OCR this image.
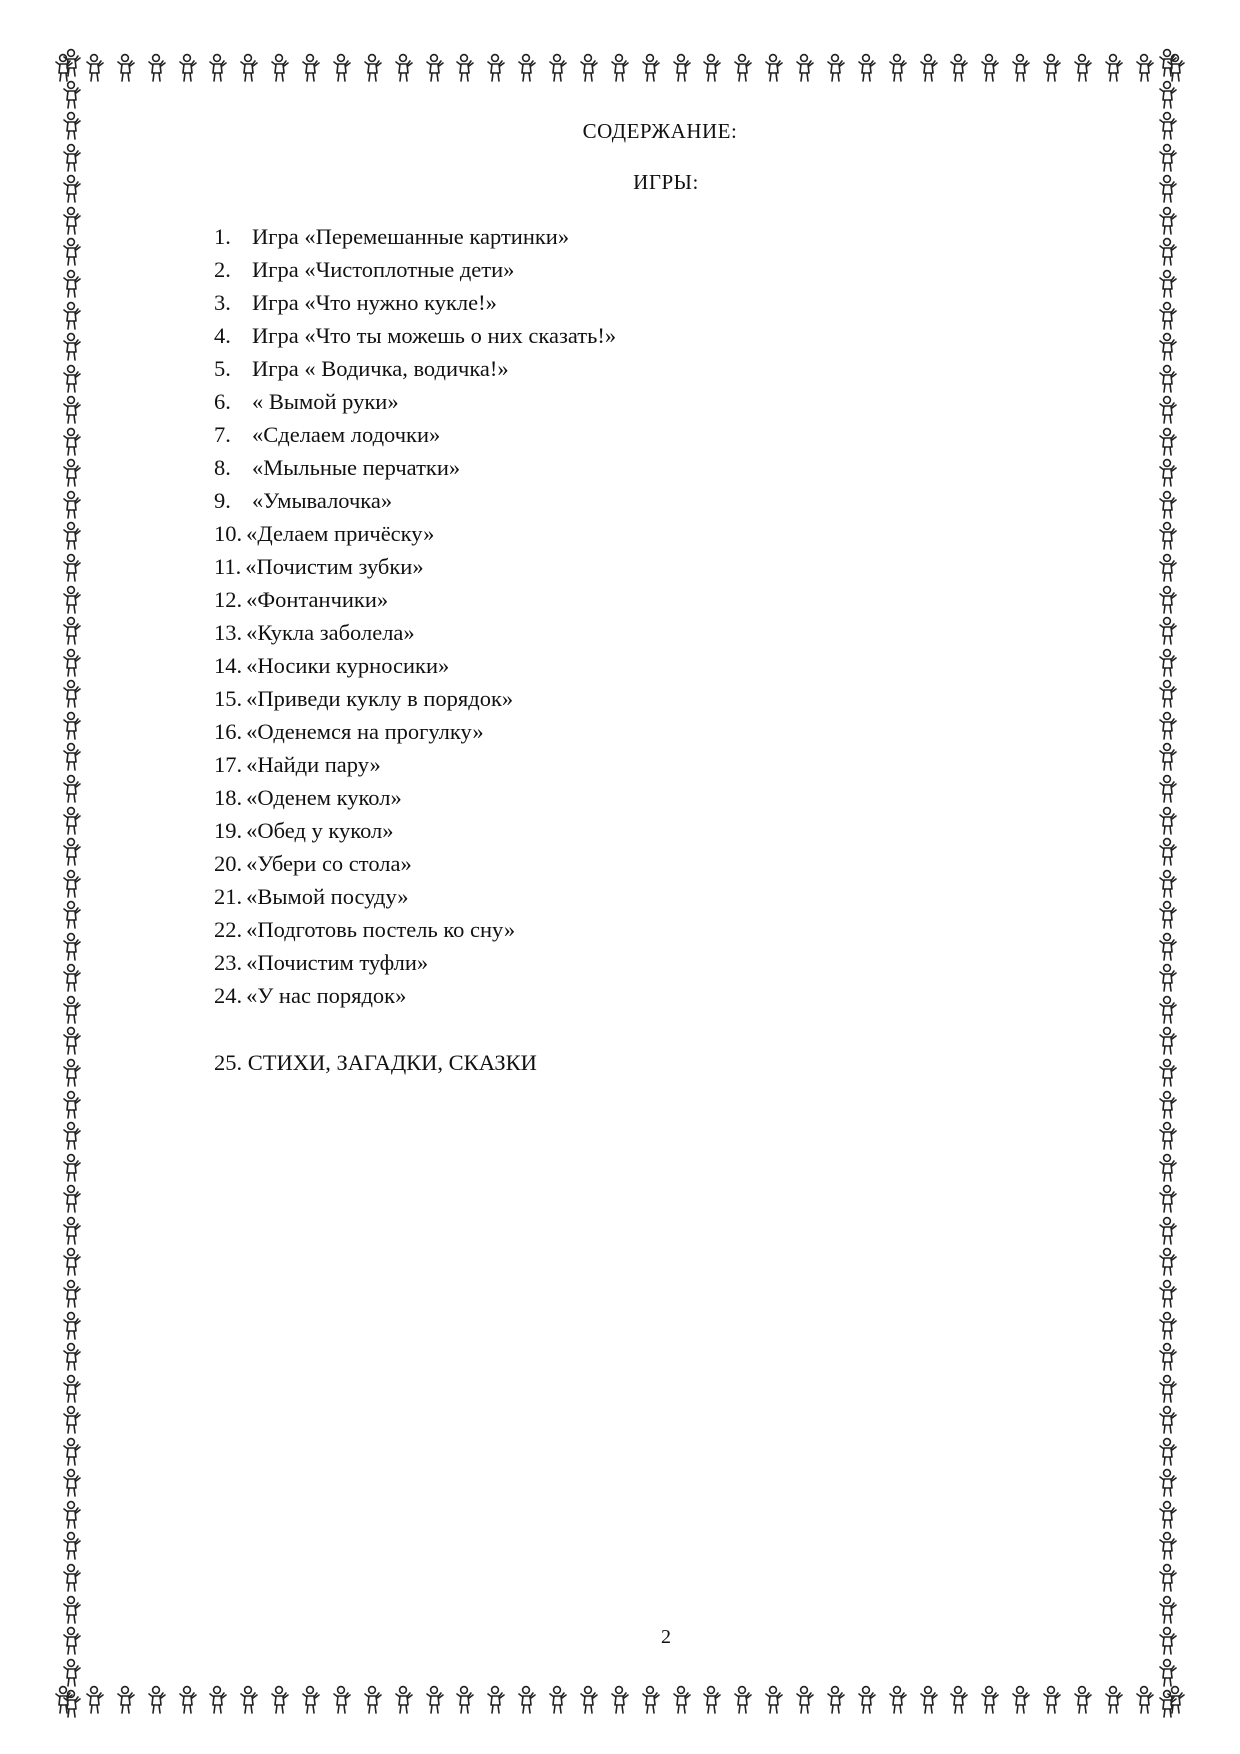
СОДЕРЖАНИЕ:
ИГРЫ:
1. Игра «Перемешанные картинки»
2. Игра «Чистоплотные дети»
3. Игра «Что нужно кукле!»
4. Игра «Что ты можешь о них сказать!»
5. Игра « Водичка, водичка!»
6. « Вымой руки»
7. «Сделаем лодочки»
8. «Мыльные перчатки»
9. «Умывалочка»
10. «Делаем причёску»
11. «Почистим зубки»
12. «Фонтанчики»
13. «Кукла заболела»
14. «Носики курносики»
15. «Приведи куклу в порядок»
16. «Оденемся на прогулку»
17. «Найди пару»
18. «Оденем кукол»
19. «Обед у кукол»
20. «Убери со стола»
21. «Вымой посуду»
22. «Подготовь постель ко сну»
23. «Почистим туфли»
24. «У нас порядок»
25. СТИХИ, ЗАГАДКИ, СКАЗКИ
2
